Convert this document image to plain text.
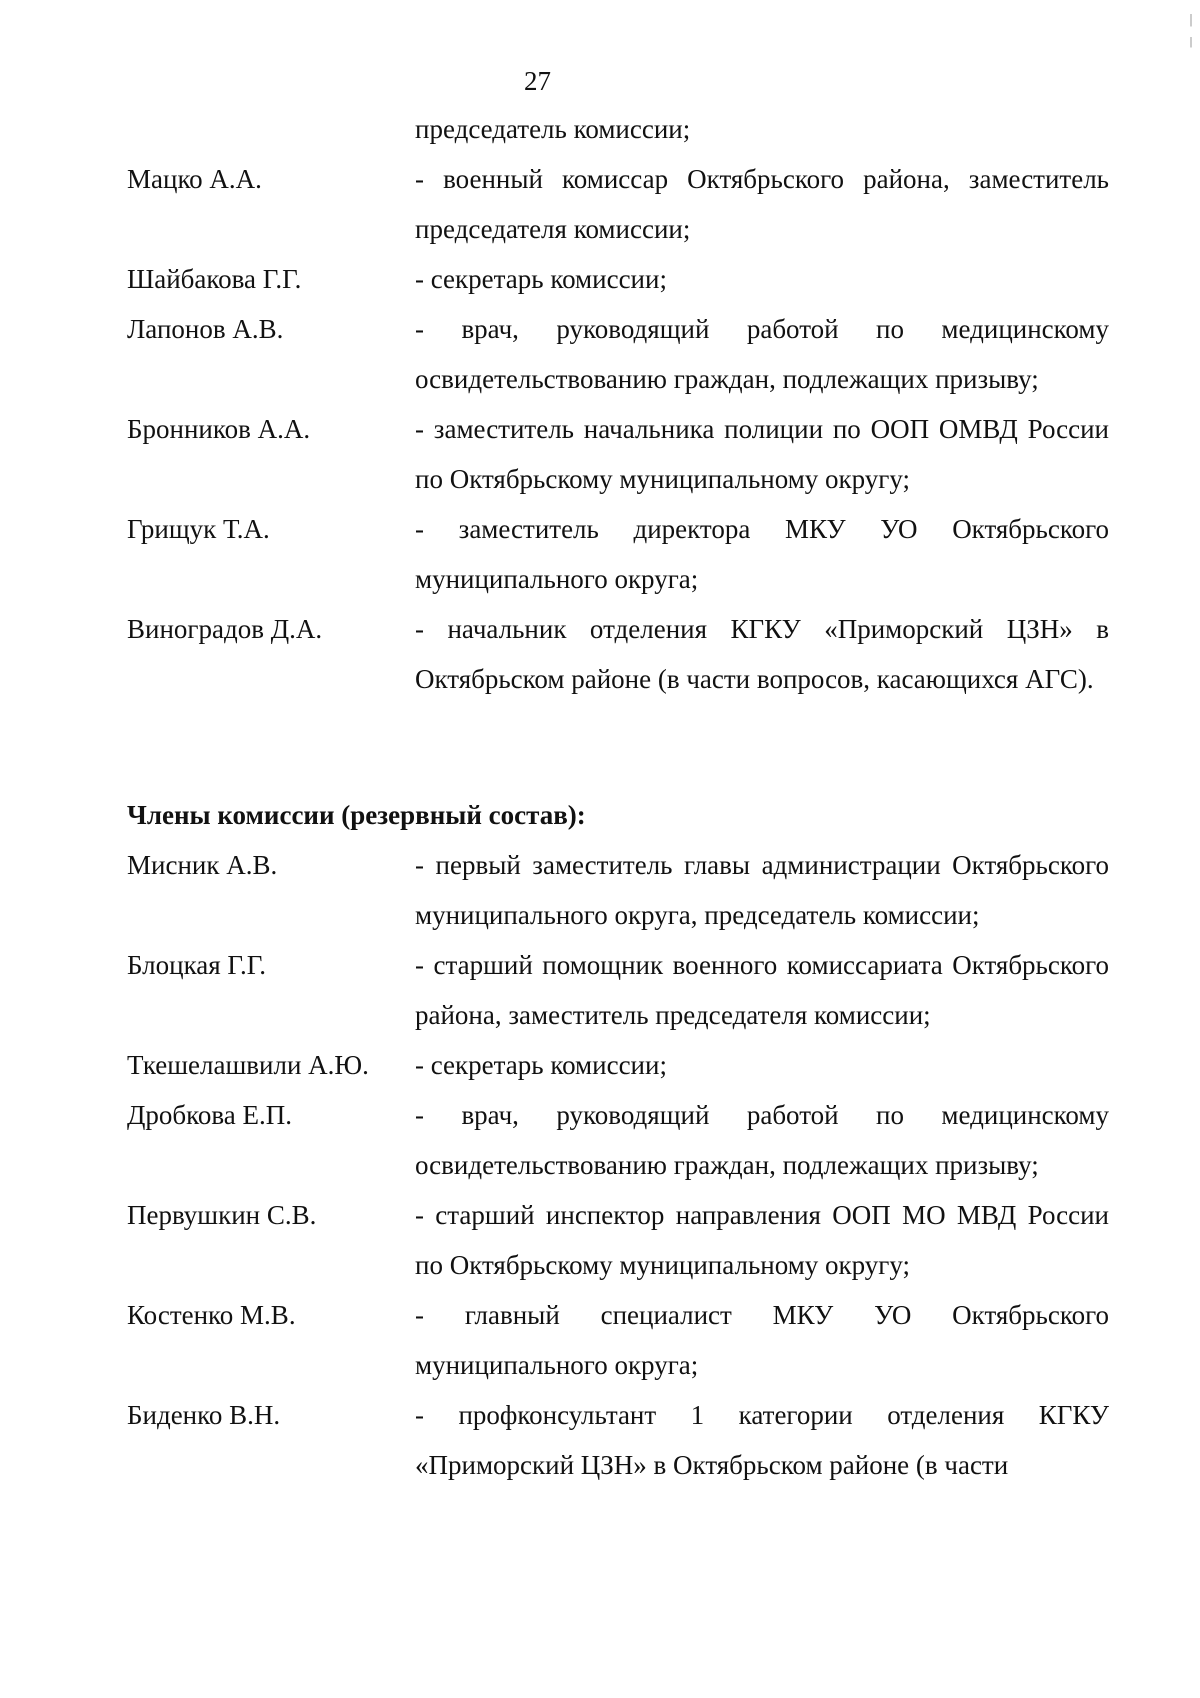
27
председатель комиссии;
Мацко А.А.	- военный комиссар Октябрьского района, заместитель председателя комиссии;
Шайбакова Г.Г.	- секретарь комиссии;
Лапонов А.В.	- врач, руководящий работой по медицинскому освидетельствованию граждан, подлежащих призыву;
Бронников А.А.	- заместитель начальника полиции по ООП ОМВД России по Октябрьскому муниципальному округу;
Грищук Т.А.	- заместитель директора МКУ УО Октябрьского муниципального округа;
Виноградов Д.А.	- начальник отделения КГКУ «Приморский ЦЗН» в Октябрьском районе (в части вопросов, касающихся АГС).
Члены комиссии (резервный состав):
Мисник А.В.	- первый заместитель главы администрации Октябрьского муниципального округа, председатель комиссии;
Блоцкая Г.Г.	- старший помощник военного комиссариата Октябрьского района, заместитель председателя комиссии;
Ткешелашвили А.Ю.	- секретарь комиссии;
Дробкова Е.П.	- врач, руководящий работой по медицинскому освидетельствованию граждан, подлежащих призыву;
Первушкин С.В.	- старший инспектор направления ООП МО МВД России по Октябрьскому муниципальному округу;
Костенко М.В.	- главный специалист МКУ УО Октябрьского муниципального округа;
Биденко В.Н.	- профконсультант 1 категории отделения КГКУ «Приморский ЦЗН» в Октябрьском районе (в части
